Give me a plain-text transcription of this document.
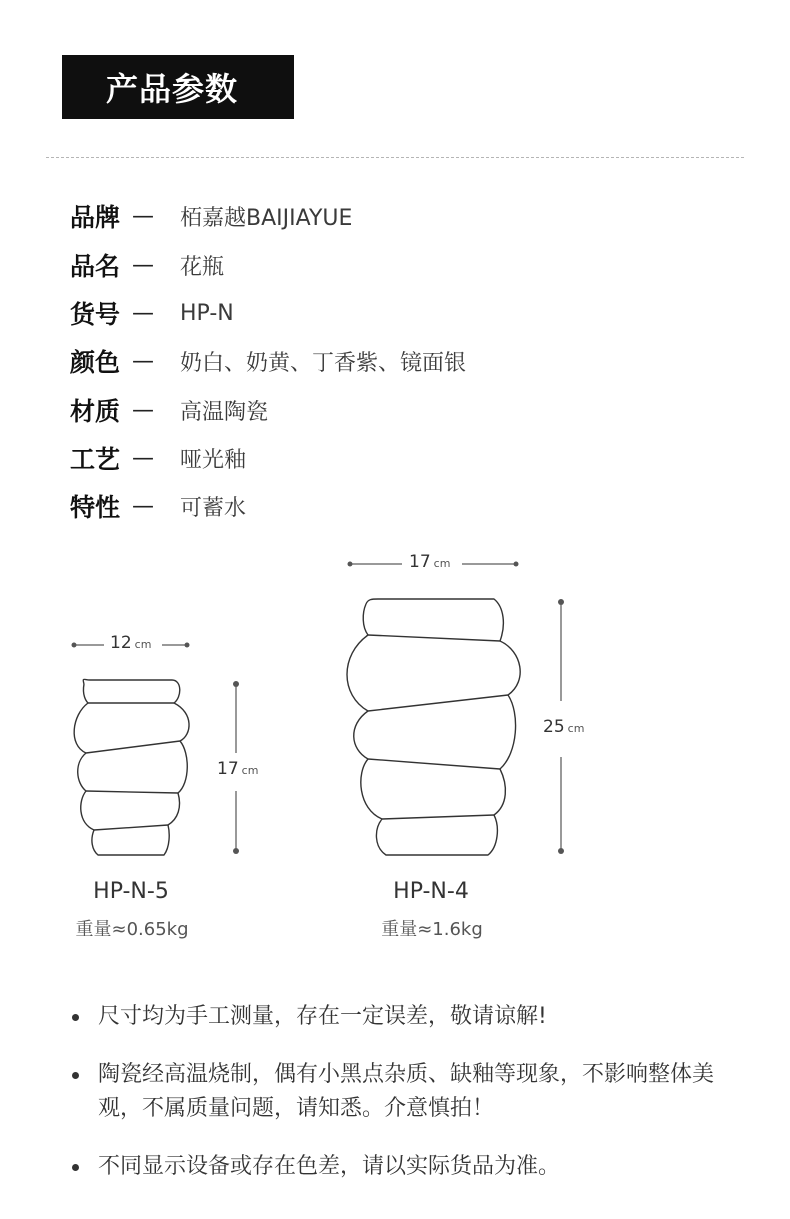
产品参数
品牌 —	栢嘉越BAIJIAYUE
品名 —	花瓶
货号 —	HP-N
颜色 —	奶白、奶黄、丁香紫、镜面银
材质 —	高温陶瓷
工艺 —	哑光釉
特性 —	可蓄水
12 cm
17 cm
17 cm
25 cm
HP-N-5
重量≈0.65kg
HP-N-4
重量≈1.6kg
尺寸均为手工测量，存在一定误差，敬请谅解!
陶瓷经高温烧制，偶有小黑点杂质、缺釉等现象，不影响整体美观，不属质量问题，请知悉。介意慎拍！
不同显示设备或存在色差，请以实际货品为准。
